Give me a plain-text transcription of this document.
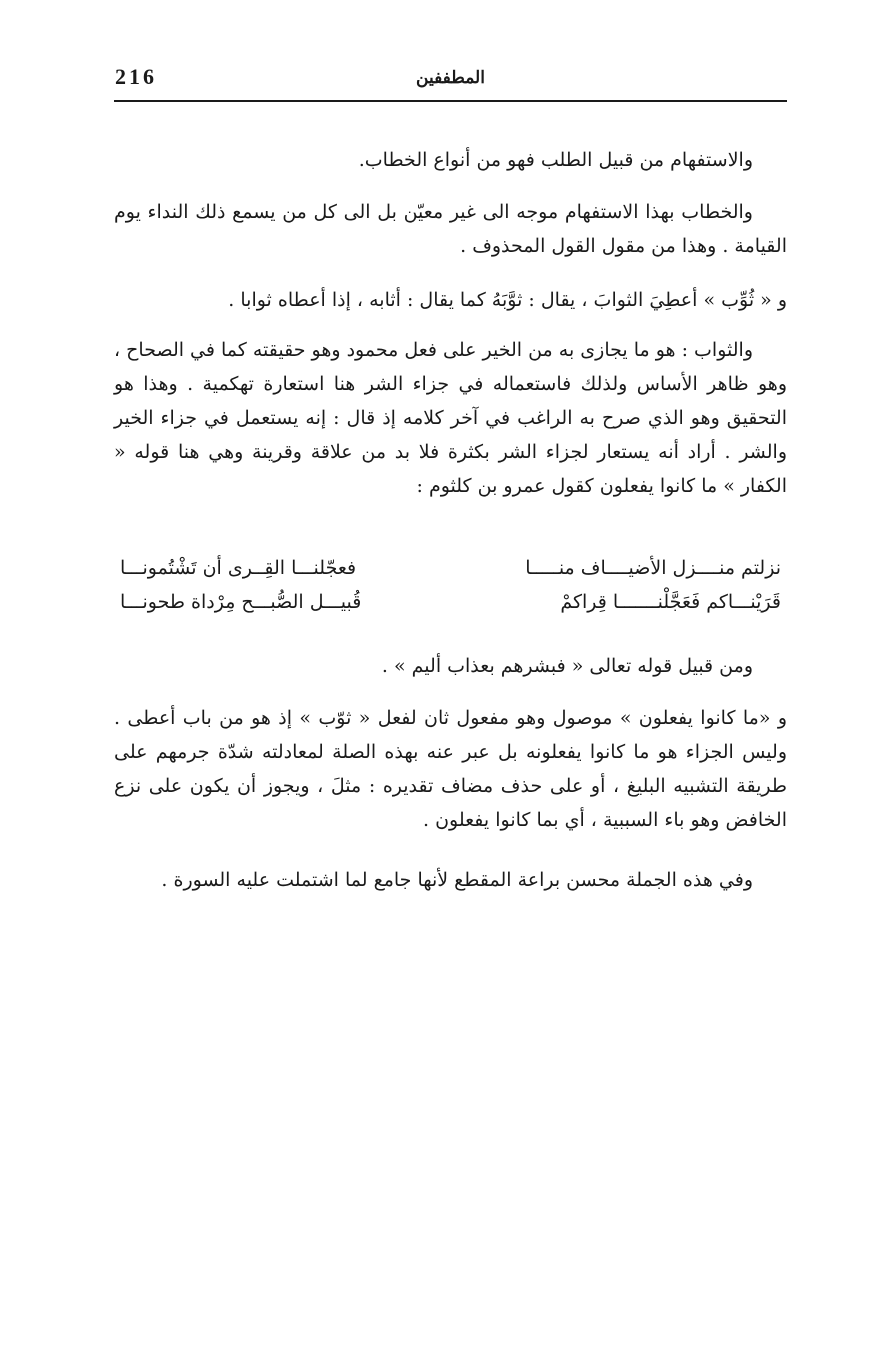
216	المطففين

والاستفهام من قبيل الطلب فهو من أنواع الخطاب.

والخطاب بهذا الاستفهام موجه الى غير معيّن بل الى كل من يسمع ذلك النداء يوم القيامة . وهذا من مقول القول المحذوف .

و « ثُوِّب » أعطِيَ الثوابَ ، يقال : ثوَّبَهُ كما يقال : أثابه ، إذا أعطاه ثوابا .

والثواب : هو ما يجازى به من الخير على فعل محمود وهو حقيقته كما في الصحاح ، وهو ظاهر الأساس ولذلك فاستعماله في جزاء الشر هنا استعارة تهكمية . وهذا هو التحقيق وهو الذي صرح به الراغب في آخر كلامه إذ قال : إنه يستعمل في جزاء الخير والشر . أراد أنه يستعار لجزاء الشر بكثرة فلا بد من علاقة وقرينة وهي هنا قوله « الكفار » ما كانوا يفعلون كقول عمرو بن كلثوم :

نزلتم منــــزل الأضيــــاف منـــــا
فعجّلنـــا القِــرى أن تَشْتُمونـــا
قَرَيْنـــاكم فَعَجَّلْنـــــــا قِراكمْ
قُبيـــل الصُّبـــح مِرْداة طحونـــا

ومن قبيل قوله تعالى « فبشرهم بعذاب أليم » .

و «ما كانوا يفعلون » موصول وهو مفعول ثان لفعل « ثوّب » إذ هو من باب أعطى . وليس الجزاء هو ما كانوا يفعلونه بل عبر عنه بهذه الصلة لمعادلته شدّة جرمهم على طريقة التشبيه البليغ ، أو على حذف مضاف تقديره : مثلَ ، ويجوز أن يكون على نزع الخافض وهو باء السببية ، أي بما كانوا يفعلون .

وفي هذه الجملة محسن براعة المقطع لأنها جامع لما اشتملت عليه السورة .
